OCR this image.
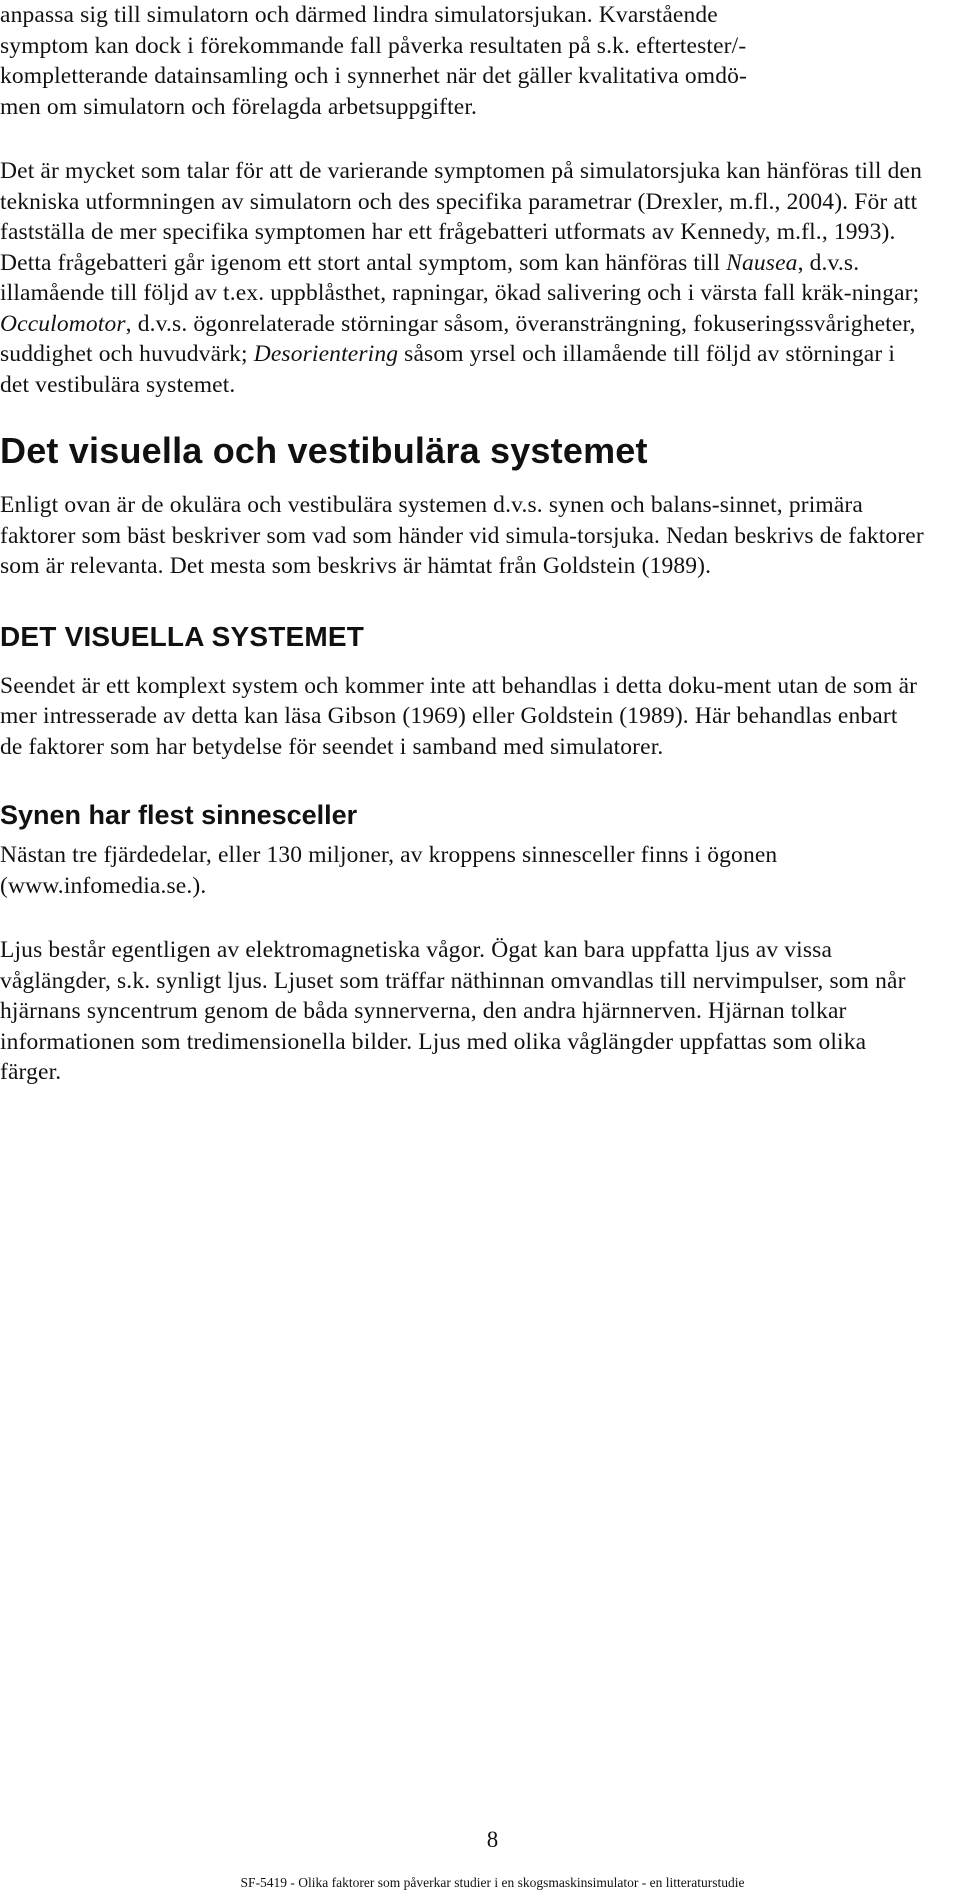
anpassa sig till simulatorn och därmed lindra simulatorsjukan. Kvarstående
symptom kan dock i förekommande fall påverka resultaten på s.k. eftertester/-
kompletterande datainsamling och i synnerhet när det gäller kvalitativa omdö-
men om simulatorn och förelagda arbetsuppgifter.

Det är mycket som talar för att de varierande symptomen på simulatorsjuka kan hänföras till den tekniska utformningen av simulatorn och des specifika parametrar (Drexler, m.fl., 2004). För att fastställa de mer specifika symptomen har ett frågebatteri utformats av Kennedy, m.fl., 1993). Detta frågebatteri går igenom ett stort antal symptom, som kan hänföras till Nausea, d.v.s. illamående till följd av t.ex. uppblåsthet, rapningar, ökad salivering och i värsta fall kräk-ningar; Occulomotor, d.v.s. ögonrelaterade störningar såsom, överansträngning, fokuseringssvårigheter, suddighet och huvudvärk; Desorientering såsom yrsel och illamående till följd av störningar i det vestibulära systemet.

Det visuella och vestibulära systemet

Enligt ovan är de okulära och vestibulära systemen d.v.s. synen och balans-sinnet, primära faktorer som bäst beskriver som vad som händer vid simula-torsjuka. Nedan beskrivs de faktorer som är relevanta. Det mesta som beskrivs är hämtat från Goldstein (1989).

DET VISUELLA SYSTEMET

Seendet är ett komplext system och kommer inte att behandlas i detta doku-ment utan de som är mer intresserade av detta kan läsa Gibson (1969) eller Goldstein (1989). Här behandlas enbart de faktorer som har betydelse för seendet i samband med simulatorer.

Synen har flest sinnesceller

Nästan tre fjärdedelar, eller 130 miljoner, av kroppens sinnesceller finns i ögonen (www.infomedia.se.).

Ljus består egentligen av elektromagnetiska vågor. Ögat kan bara uppfatta ljus av vissa våglängder, s.k. synligt ljus. Ljuset som träffar näthinnan omvandlas till nervimpulser, som når hjärnans syncentrum genom de båda synnerverna, den andra hjärnnerven. Hjärnan tolkar informationen som tredimensionella bilder. Ljus med olika våglängder uppfattas som olika färger.

8
SF-5419 - Olika faktorer som påverkar studier i en skogsmaskinsimulator - en litteraturstudie
